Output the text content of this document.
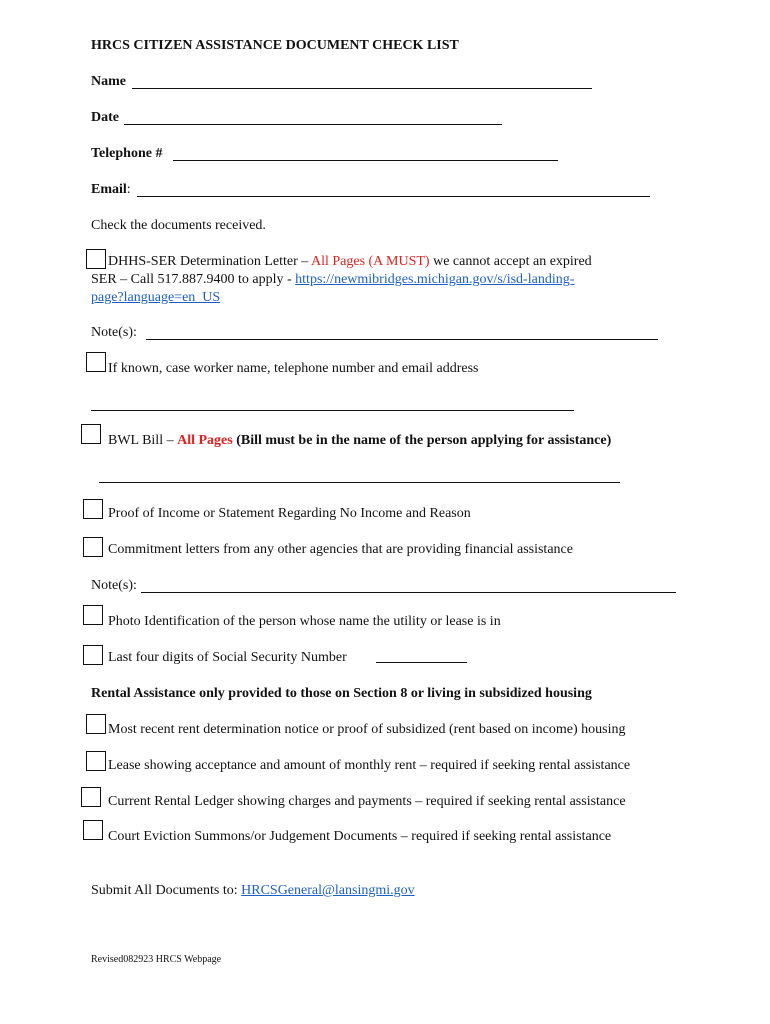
HRCS CITIZEN ASSISTANCE DOCUMENT CHECK LIST
Name
Date
Telephone #
Email:
Check the documents received.
DHHS-SER Determination Letter – All Pages (A MUST) we cannot accept an expired
SER – Call 517.887.9400 to apply - https://newmibridges.michigan.gov/s/isd-landing-
page?language=en_US
Note(s):
If known, case worker name, telephone number and email address
BWL Bill – All Pages (Bill must be in the name of the person applying for assistance)
Proof of Income or Statement Regarding No Income and Reason
Commitment letters from any other agencies that are providing financial assistance
Note(s):
Photo Identification of the person whose name the utility or lease is in
Last four digits of Social Security Number
Rental Assistance only provided to those on Section 8 or living in subsidized housing
Most recent rent determination notice or proof of subsidized (rent based on income) housing
Lease showing acceptance and amount of monthly rent – required if seeking rental assistance
Current Rental Ledger showing charges and payments – required if seeking rental assistance
Court Eviction Summons/or Judgement Documents – required if seeking rental assistance
Submit All Documents to: HRCSGeneral@lansingmi.gov
Revised082923 HRCS Webpage
